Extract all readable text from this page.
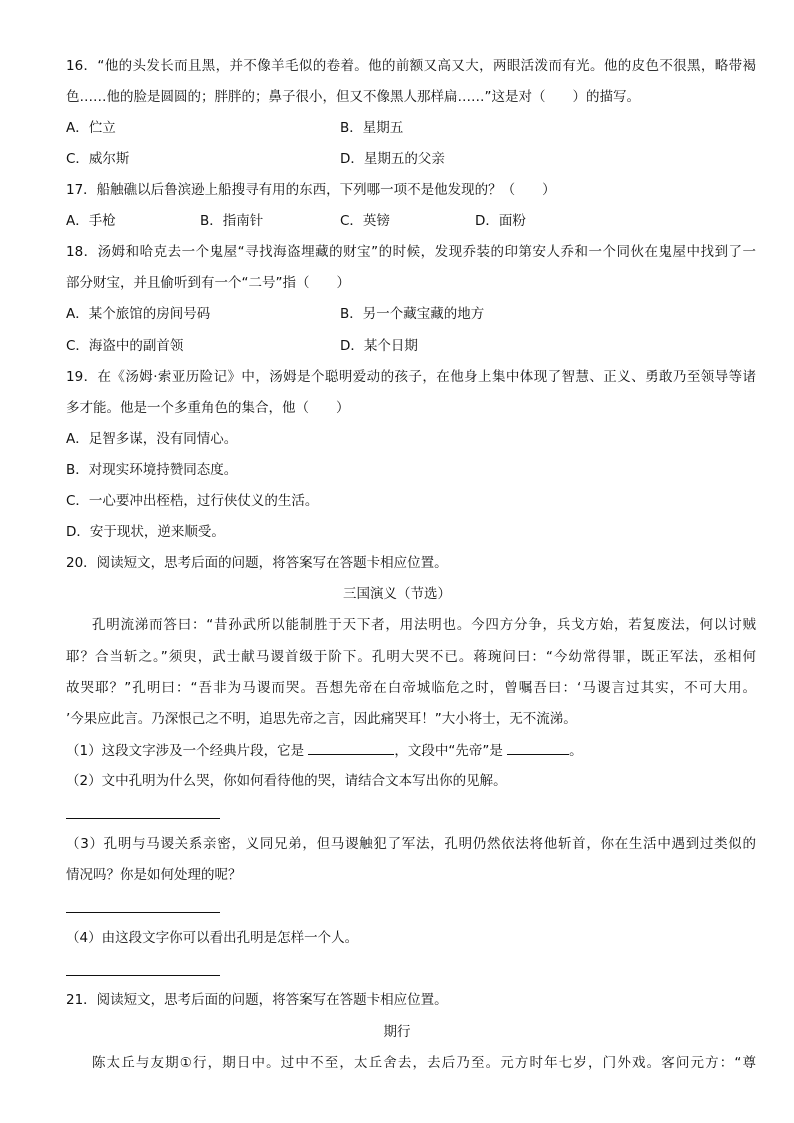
16．“他的头发长而且黑，并不像羊毛似的卷着。他的前额又高又大，两眼活泼而有光。他的皮色不很黑，略带褐
色……他的脸是圆圆的；胖胖的；鼻子很小，但又不像黑人那样扁……”这是对（　　）的描写。
A．伫立	B．星期五
C．威尔斯	D．星期五的父亲
17．船触礁以后鲁滨逊上船搜寻有用的东西，下列哪一项不是他发现的？（　　）
A．手枪	B．指南针	C．英镑	D．面粉
18．汤姆和哈克去一个鬼屋“寻找海盗埋藏的财宝”的时候，发现乔装的印第安人乔和一个同伙在鬼屋中找到了一
部分财宝，并且偷听到有一个“二号”指（　　）
A．某个旅馆的房间号码	B．另一个藏宝藏的地方
C．海盗中的副首领	D．某个日期
19．在《汤姆·索亚历险记》中，汤姆是个聪明爱动的孩子，在他身上集中体现了智慧、正义、勇敢乃至领导等诸
多才能。他是一个多重角色的集合，他（　　）
A．足智多谋，没有同情心。
B．对现实环境持赞同态度。
C．一心要冲出桎梏，过行侠仗义的生活。
D．安于现状，逆来顺受。
20．阅读短文，思考后面的问题，将答案写在答题卡相应位置。
三国演义（节选）
孔明流涕而答曰：“昔孙武所以能制胜于天下者，用法明也。今四方分争，兵戈方始，若复废法，何以讨贼
耶？合当斩之。”须臾，武士献马谡首级于阶下。孔明大哭不已。蒋琬问曰：“今幼常得罪，既正军法，丞相何
故哭耶？”孔明曰：“吾非为马谡而哭。吾想先帝在白帝城临危之时，曾嘱吾曰：‘马谡言过其实，不可大用。
’今果应此言。乃深恨己之不明，追思先帝之言，因此痛哭耳！”大小将士，无不流涕。
（1）这段文字涉及一个经典片段，它是	，文段中“先帝”是	。
（2）文中孔明为什么哭，你如何看待他的哭，请结合文本写出你的见解。
（3）孔明与马谡关系亲密，义同兄弟，但马谡触犯了军法，孔明仍然依法将他斩首，你在生活中遇到过类似的
情况吗？你是如何处理的呢？
（4）由这段文字你可以看出孔明是怎样一个人。
21．阅读短文，思考后面的问题，将答案写在答题卡相应位置。
期行
陈太丘与友期①行，期日中。过中不至，太丘舍去，去后乃至。元方时年七岁，门外戏。客问元方：“尊
